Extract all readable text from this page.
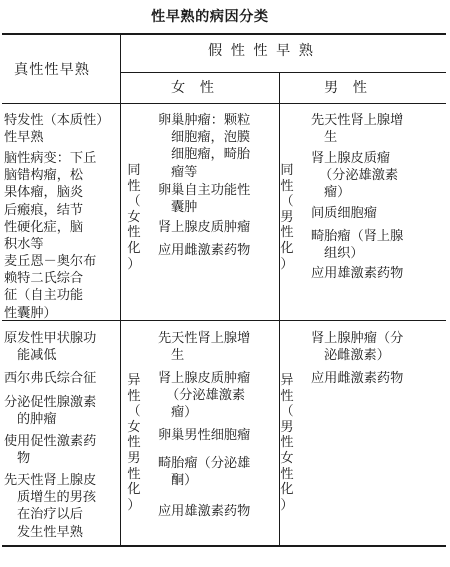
性早熟的病因分类
真性性早熟
假 性 性 早 熟
女 性	男 性
特发性（本质性）
性早熟
脑性病变：下丘
脑错构瘤，松
果体瘤，脑炎
后瘢痕，结节
性硬化症，脑
积水等
麦丘恩－奥尔布
赖特二氏综合
征（自主功能
性囊肿）
同
性
（
女
性
化
）
卵巢肿瘤：颗粒
细胞瘤，泡膜
细胞瘤，畸胎
瘤等
卵巢自主功能性
囊肿
肾上腺皮质肿瘤
应用雌激素药物
同
性
（
男
性
化
）
先天性肾上腺增
生
肾上腺皮质瘤
（分泌雄激素
瘤）
间质细胞瘤
畸胎瘤（肾上腺
组织）
应用雄激素药物
原发性甲状腺功
能减低
西尔弗氏综合征
分泌促性腺激素
的肿瘤
使用促性激素药
物
先天性肾上腺皮
质增生的男孩
在治疗以后
发生性早熟
异
性
（
女
性
男
性
化
）
先天性肾上腺增
生
肾上腺皮质肿瘤
（分泌雄激素
瘤）
卵巢男性细胞瘤
畸胎瘤（分泌雄
酮）
应用雄激素药物
异
性
（
男
性
女
性
化
）
肾上腺肿瘤（分
泌雌激素）
应用雌激素药物
